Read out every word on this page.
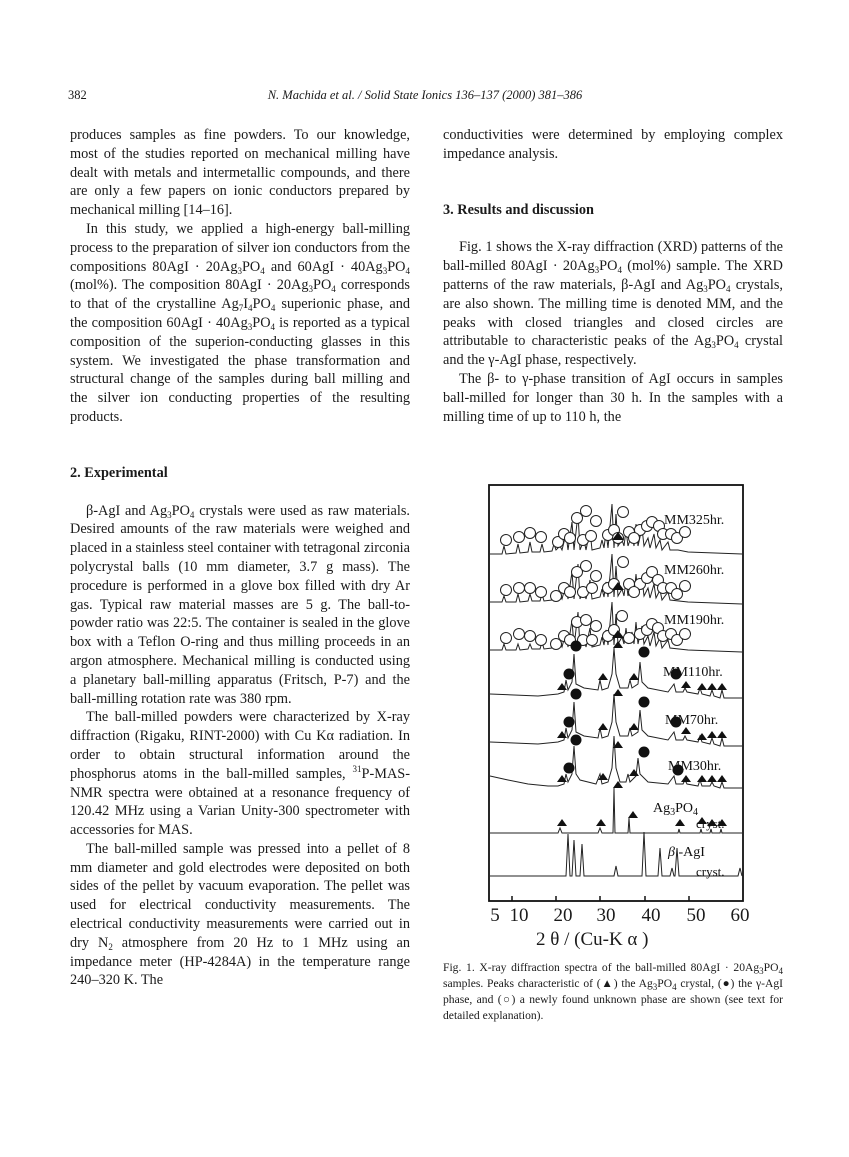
382	N. Machida et al. / Solid State Ionics 136–137 (2000) 381–386

produces samples as fine powders. To our knowledge, most of the studies reported on mechanical milling have dealt with metals and intermetallic compounds, and there are only a few papers on ionic conductors prepared by mechanical milling [14–16].

In this study, we applied a high-energy ball-milling process to the preparation of silver ion conductors from the compositions $80AgI \cdot 20Ag_3PO_4$ and $60AgI \cdot 40Ag_3PO_4$ (mol%). The composition $80AgI \cdot 20Ag_3PO_4$ corresponds to that of the crystalline $Ag_7I_4PO_4$ superionic phase, and the composition $60AgI \cdot 40Ag_3PO_4$ is reported as a typical composition of the superion-conducting glasses in this system. We investigated the phase transformation and structural change of the samples during ball milling and the silver ion conducting properties of the resulting products.

2. Experimental

β-AgI and $Ag_3PO_4$ crystals were used as raw materials. Desired amounts of the raw materials were weighed and placed in a stainless steel container with tetragonal zirconia polycrystal balls (10 mm diameter, 3.7 g mass). The procedure is performed in a glove box filled with dry Ar gas. Typical raw material masses are 5 g. The ball-to-powder ratio was 22:5. The container is sealed in the glove box with a Teflon O-ring and thus milling proceeds in an argon atmosphere. Mechanical milling is conducted using a planetary ball-milling apparatus (Fritsch, P-7) and the ball-milling rotation rate was 380 rpm.

The ball-milled powders were characterized by X-ray diffraction (Rigaku, RINT-2000) with Cu Kα radiation. In order to obtain structural information around the phosphorus atoms in the ball-milled samples, $^{31}$P-MAS-NMR spectra were obtained at a resonance frequency of 120.42 MHz using a Varian Unity-300 spectrometer with accessories for MAS.

The ball-milled sample was pressed into a pellet of 8 mm diameter and gold electrodes were deposited on both sides of the pellet by vacuum evaporation. The pellet was used for electrical conductivity measurements. The electrical conductivity measurements were carried out in dry $N_2$ atmosphere from 20 Hz to 1 MHz using an impedance meter (HP-4284A) in the temperature range 240–320 K. The

conductivities were determined by employing complex impedance analysis.

3. Results and discussion

Fig. 1 shows the X-ray diffraction (XRD) patterns of the ball-milled $80AgI \cdot 20Ag_3PO_4$ (mol%) sample. The XRD patterns of the raw materials, β-AgI and $Ag_3PO_4$ crystals, are also shown. The milling time is denoted MM, and the peaks with closed triangles and closed circles are attributable to characteristic peaks of the $Ag_3PO_4$ crystal and the γ-AgI phase, respectively.

The β- to γ-phase transition of AgI occurs in samples ball-milled for longer than 30 h. In the samples with a milling time of up to 110 h, the

MM325hr.
MM260hr.
MM190hr.
MM110hr.
MM70hr.
MM30hr.
$Ag_3PO_4$
cryst.
β -AgI
cryst.
5 10 20 30 40 50 60
2 θ / (Cu-K α )
Fig. 1. X-ray diffraction spectra of the ball-milled $80AgI \cdot 20Ag_3PO_4$ samples. Peaks characteristic of (▲) the $Ag_3PO_4$ crystal, (●) the γ-AgI phase, and (○) a newly found unknown phase are shown (see text for detailed explanation).
